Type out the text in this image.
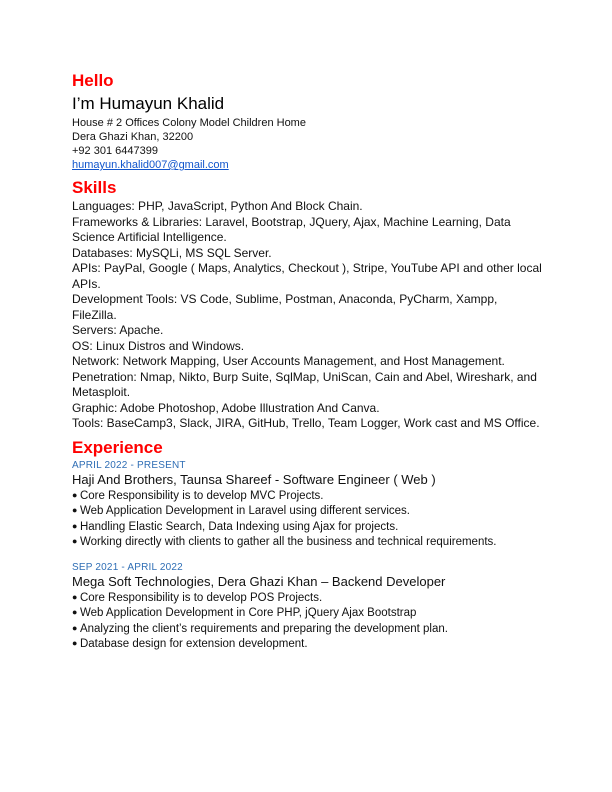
Hello
I’m Humayun Khalid
House # 2 Offices Colony Model Children Home
Dera Ghazi Khan, 32200
+92 301 6447399
humayun.khalid007@gmail.com
Skills
Languages: PHP, JavaScript, Python And Block Chain.
Frameworks & Libraries: Laravel, Bootstrap, JQuery, Ajax, Machine Learning, Data Science Artificial Intelligence.
Databases: MySQLi, MS SQL Server.
APIs: PayPal, Google ( Maps, Analytics, Checkout ), Stripe, YouTube API and other local APIs.
Development Tools: VS Code, Sublime, Postman, Anaconda, PyCharm, Xampp, FileZilla.
Servers: Apache.
OS: Linux Distros and Windows.
Network: Network Mapping, User Accounts Management, and Host Management.
Penetration: Nmap, Nikto, Burp Suite, SqlMap, UniScan, Cain and Abel, Wireshark, and Metasploit.
Graphic: Adobe Photoshop, Adobe Illustration And Canva.
Tools: BaseCamp3, Slack, JIRA, GitHub, Trello, Team Logger, Work cast and MS Office.
Experience
APRIL 2022 - PRESENT
Haji And Brothers, Taunsa Shareef - Software Engineer ( Web )
● Core Responsibility is to develop MVC Projects.
● Web Application Development in Laravel using different services.
● Handling Elastic Search, Data Indexing using Ajax for projects.
● Working directly with clients to gather all the business and technical requirements.
SEP 2021 - APRIL 2022
Mega Soft Technologies, Dera Ghazi Khan – Backend Developer
● Core Responsibility is to develop POS Projects.
● Web Application Development in Core PHP, jQuery Ajax Bootstrap
● Analyzing the client’s requirements and preparing the development plan.
● Database design for extension development.
